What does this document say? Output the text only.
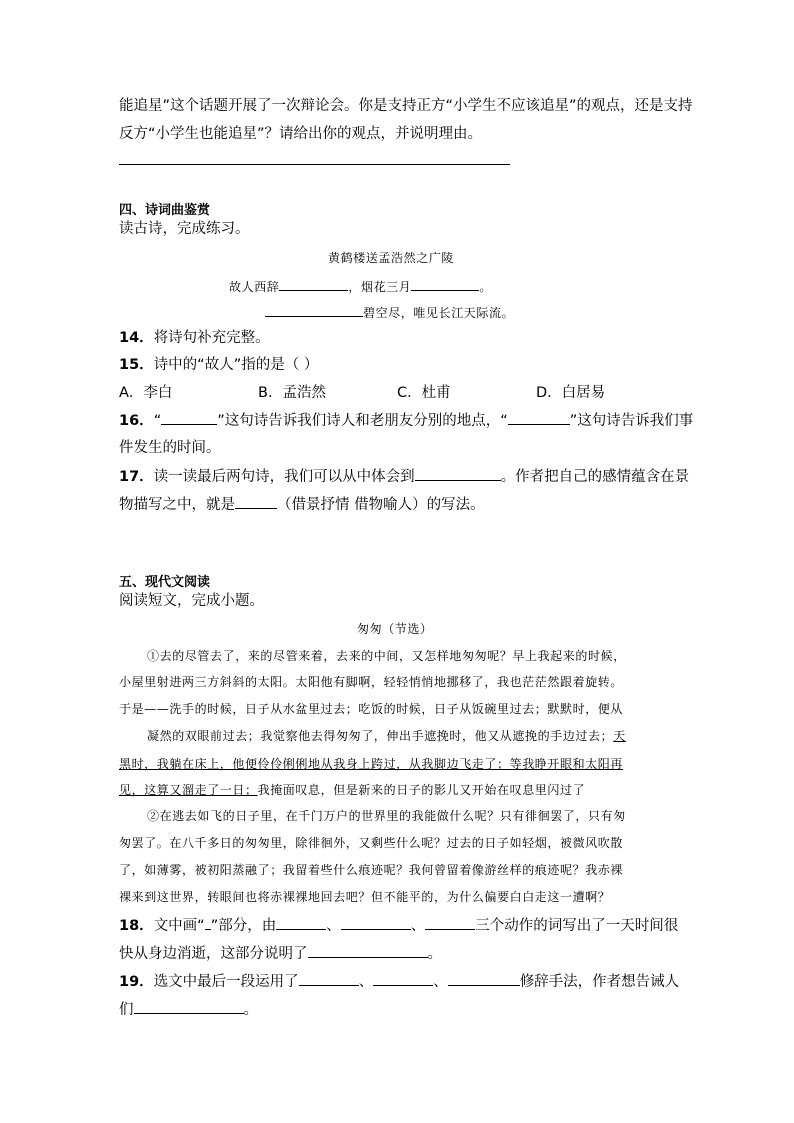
能追星”这个话题开展了一次辩论会。你是支持正方“小学生不应该追星”的观点，还是支持
反方“小学生也能追星”？请给出你的观点，并说明理由。
四、诗词曲鉴赏
读古诗，完成练习。
黄鹤楼送孟浩然之广陵
故人西辞	，烟花三月	。
碧空尽，唯见长江天际流。
14．将诗句补充完整。
15．诗中的“故人”指的是（ ）
A．李白	B．孟浩然	C．杜甫	D．白居易
16．“	”这句诗告诉我们诗人和老朋友分别的地点，“	”这句诗告诉我们事
件发生的时间。
17．读一读最后两句诗，我们可以从中体会到	。作者把自己的感情蕴含在景
物描写之中，就是	（借景抒情 借物喻人）的写法。
五、现代文阅读
阅读短文，完成小题。
匆匆（节选）
①去的尽管去了，来的尽管来着，去来的中间，又怎样地匆匆呢？早上我起来的时候，
小屋里射进两三方斜斜的太阳。太阳他有脚啊，轻轻悄悄地挪移了，我也茫茫然跟着旋转。
于是——洗手的时候，日子从水盆里过去；吃饭的时候，日子从饭碗里过去；默默时，便从
凝然的双眼前过去；我觉察他去得匆匆了，伸出手遮挽时，他又从遮挽的手边过去；天
黑时，我躺在床上，他便伶伶俐俐地从我身上跨过，从我脚边飞走了；等我睁开眼和太阳再
见，这算又溜走了一日；我掩面叹息，但是新来的日子的影儿又开始在叹息里闪过了
②在逃去如飞的日子里，在千门万户的世界里的我能做什么呢？只有徘徊罢了，只有匆
匆罢了。在八千多日的匆匆里，除徘徊外，又剩些什么呢？过去的日子如轻烟，被微风吹散
了，如薄雾，被初阳蒸融了；我留着些什么痕迹呢？我何曾留着像游丝样的痕迹呢？我赤裸
裸来到这世界，转眼间也将赤裸裸地回去吧？但不能平的，为什么偏要白白走这一遭啊？
18．文中画“ ”部分，由	、	、	三个动作的词写出了一天时间很
快从身边消逝，这部分说明了	。
19．选文中最后一段运用了	、	、	修辞手法，作者想告诫人
们	。
